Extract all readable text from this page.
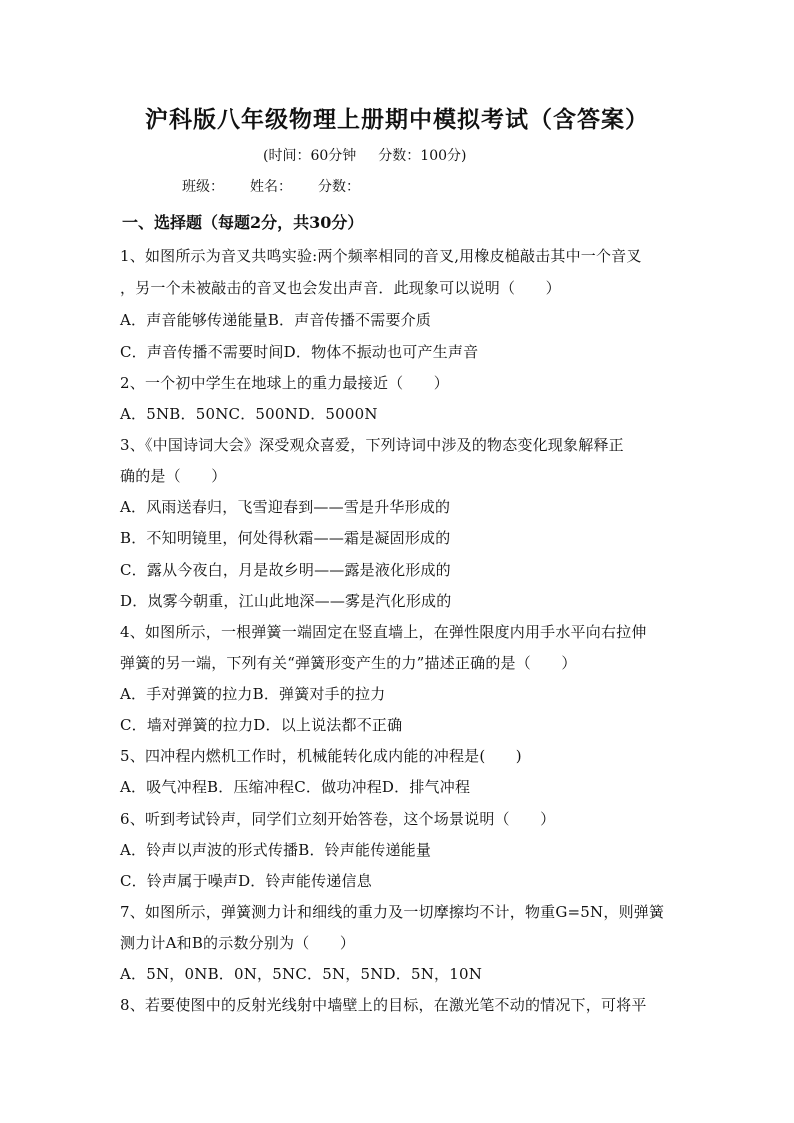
沪科版八年级物理上册期中模拟考试（含答案）
(时间：60分钟 分数：100分)
班级： 姓名： 分数：
一、选择题（每题2分，共30分）
1、如图所示为音叉共鸣实验:两个频率相同的音叉,用橡皮槌敲击其中一个音叉
，另一个未被敲击的音叉也会发出声音．此现象可以说明（　　）
A．声音能够传递能量B．声音传播不需要介质
C．声音传播不需要时间D．物体不振动也可产生声音
2、一个初中学生在地球上的重力最接近（　　）
A．5NB．50NC．500ND．5000N
3、《中国诗词大会》深受观众喜爱，下列诗词中涉及的物态变化现象解释正
确的是（　　）
A．风雨送春归，飞雪迎春到——雪是升华形成的
B．不知明镜里，何处得秋霜——霜是凝固形成的
C．露从今夜白，月是故乡明——露是液化形成的
D．岚雾今朝重，江山此地深——雾是汽化形成的
4、如图所示，一根弹簧一端固定在竖直墙上，在弹性限度内用手水平向右拉伸
弹簧的另一端，下列有关“弹簧形变产生的力”描述正确的是（　　）
A．手对弹簧的拉力B．弹簧对手的拉力
C．墙对弹簧的拉力D．以上说法都不正确
5、四冲程内燃机工作时，机械能转化成内能的冲程是(　　)
A．吸气冲程B．压缩冲程C．做功冲程D．排气冲程
6、听到考试铃声，同学们立刻开始答卷，这个场景说明（　　）
A．铃声以声波的形式传播B．铃声能传递能量
C．铃声属于噪声D．铃声能传递信息
7、如图所示，弹簧测力计和细线的重力及一切摩擦均不计，物重G=5N，则弹簧
测力计A和B的示数分别为（　　）
A．5N，0NB．0N，5NC．5N，5ND．5N，10N
8、若要使图中的反射光线射中墙壁上的目标，在激光笔不动的情况下，可将平
